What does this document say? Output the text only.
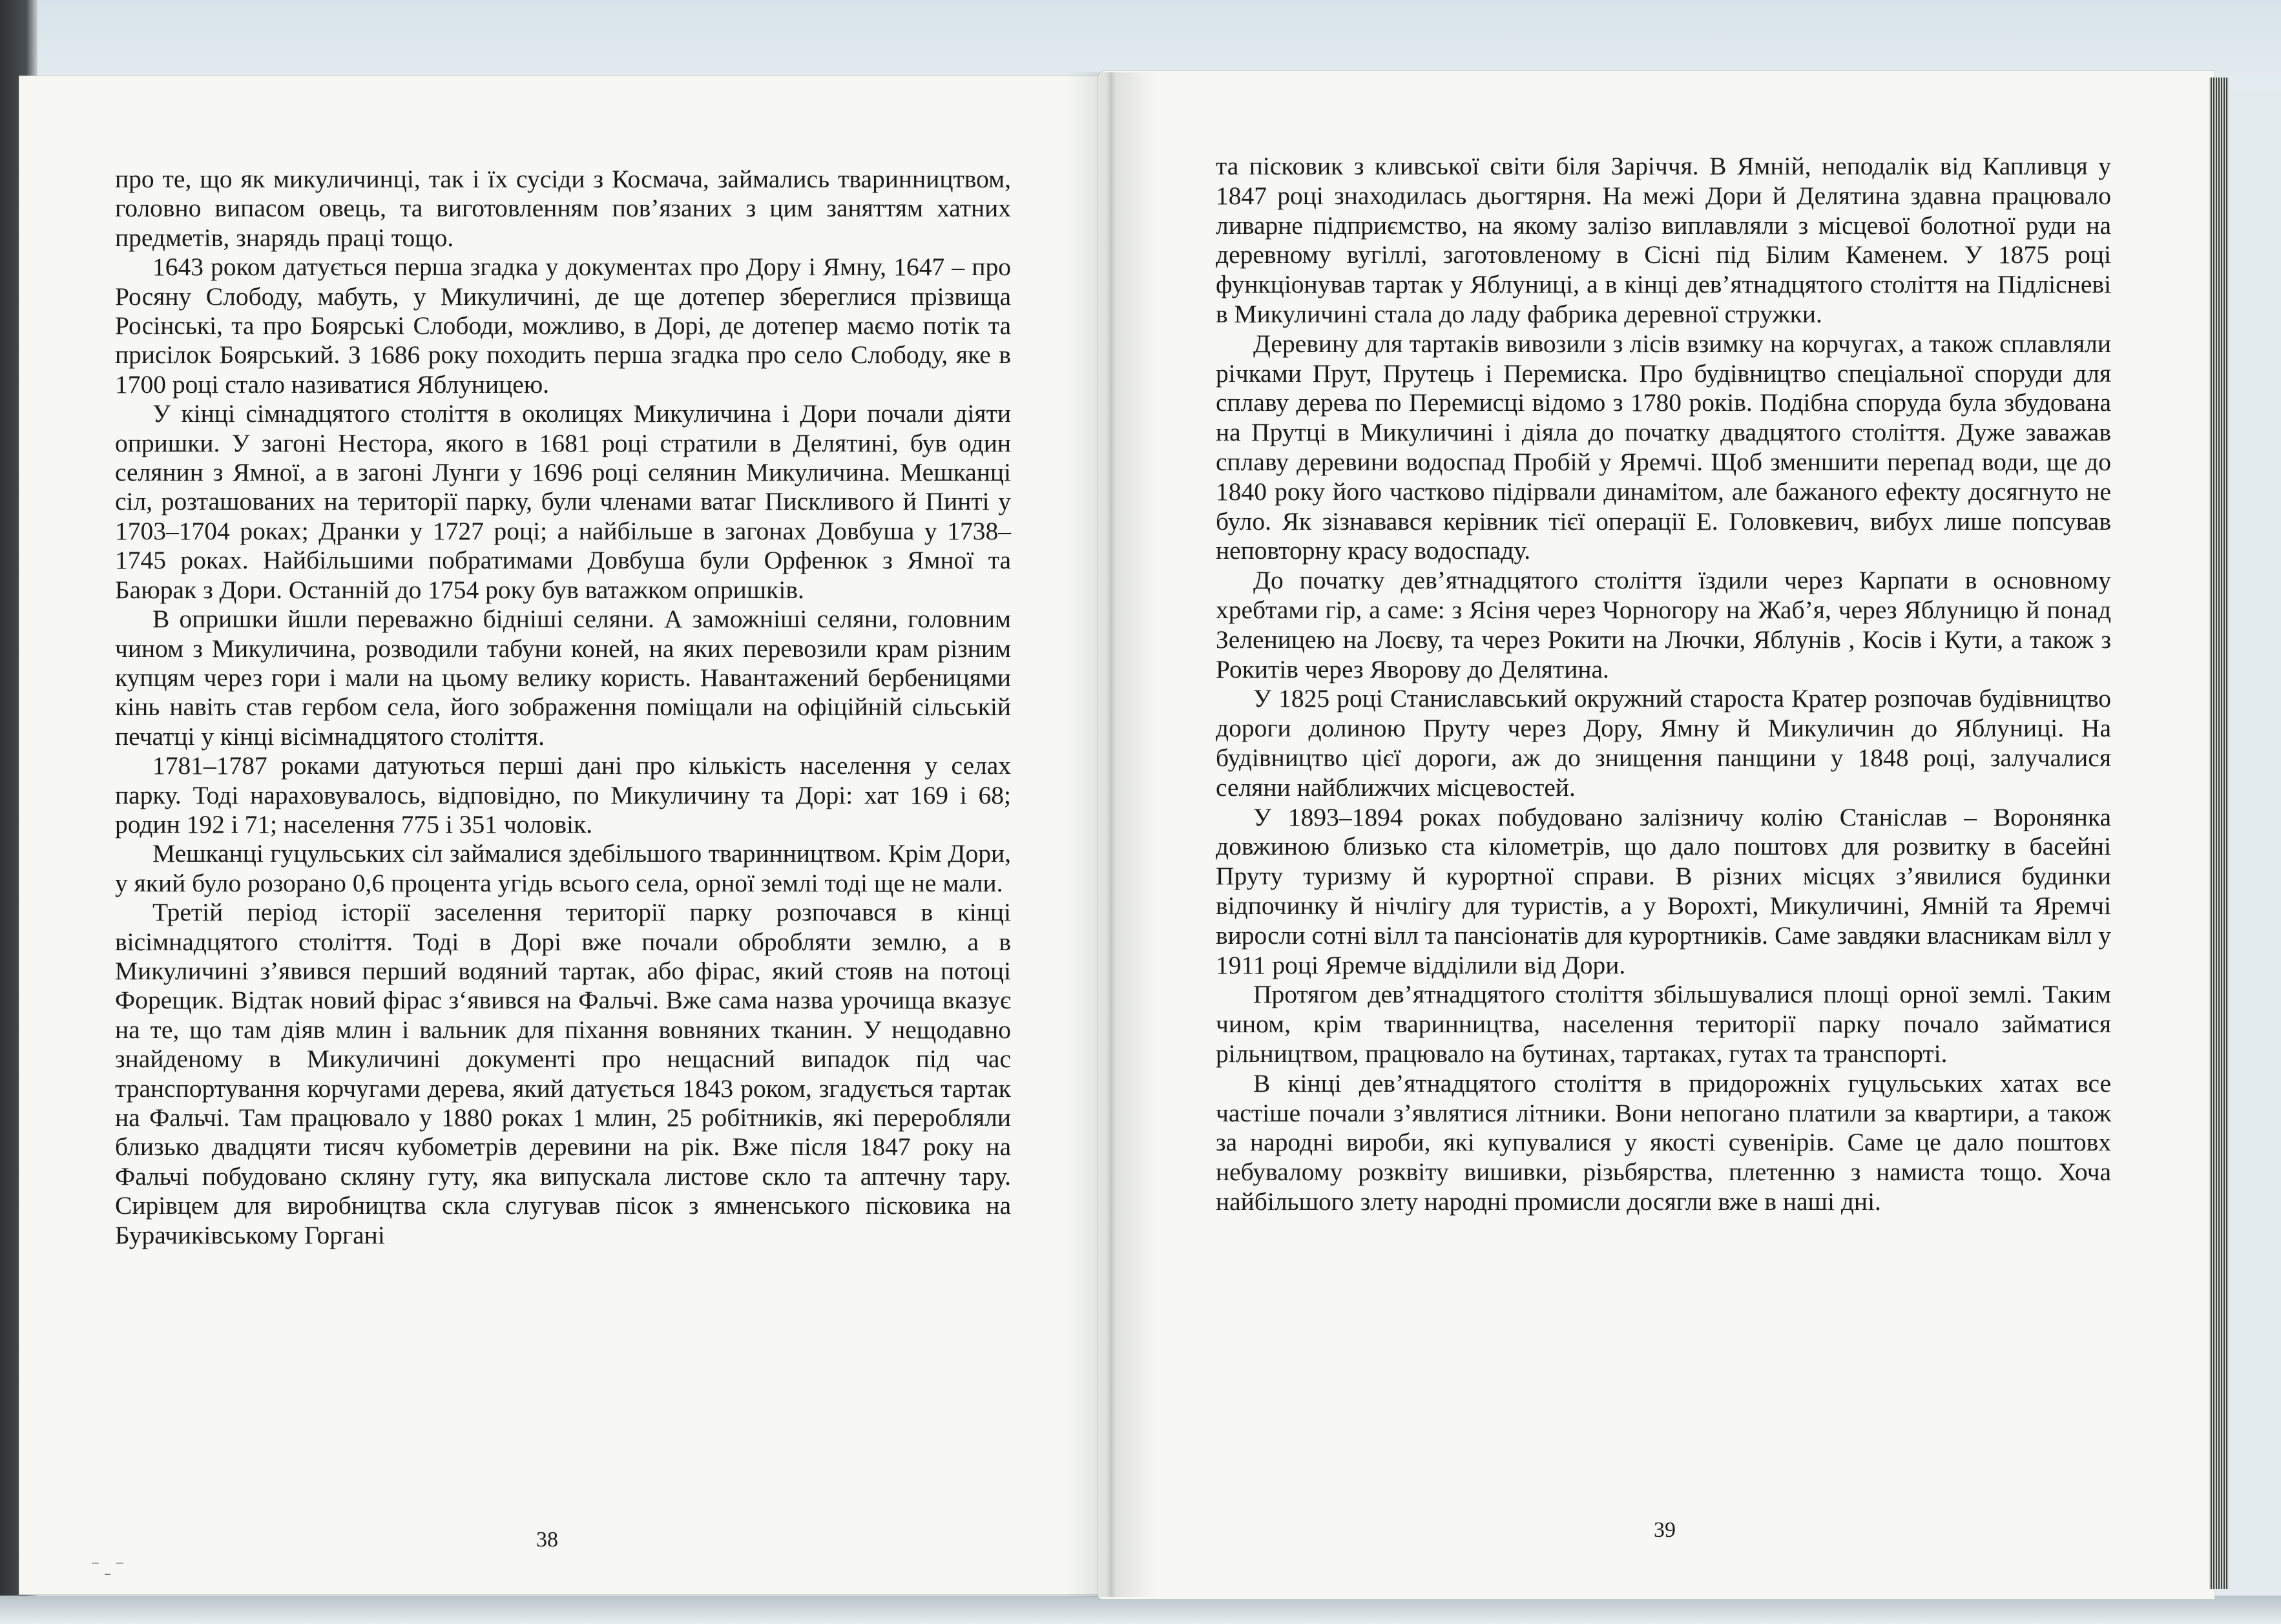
про те, що як микуличинці, так і їх сусіди з Космача, займались тваринництвом, головно випасом овець, та виготовленням пов’язаних з цим заняттям хатних предметів, знарядь праці тощо.

1643 роком датується перша згадка у документах про Дору і Ямну, 1647 – про Росяну Слободу, мабуть, у Микуличині, де ще дотепер збереглися прізвища Росінські, та про Боярські Слободи, можливо, в Дорі, де дотепер маємо потік та присілок Боярський. З 1686 року походить перша згадка про село Слободу, яке в 1700 році стало називатися Яблуницею.

У кінці сімнадцятого століття в околицях Микуличина і Дори почали діяти опришки. У загоні Нестора, якого в 1681 році стратили в Делятині, був один селянин з Ямної, а в загоні Лунги у 1696 році селянин Микуличина. Мешканці сіл, розташованих на території парку, були членами ватаг Пискливого й Пинті у 1703–1704 роках; Дранки у 1727 році; а найбільше в загонах Довбуша у 1738–1745 роках. Найбільшими побратимами Довбуша були Орфенюк з Ямної та Баюрак з Дори. Останній до 1754 року був ватажком опришків.

В опришки йшли переважно бідніші селяни. А заможніші селяни, головним чином з Микуличина, розводили табуни коней, на яких перевозили крам різним купцям через гори і мали на цьому велику користь. Навантажений бербеницями кінь навіть став гербом села, його зображення поміщали на офіційній сільській печатці у кінці вісімнадцятого століття.

1781–1787 роками датуються перші дані про кількість населення у селах парку. Тоді нараховувалось, відповідно, по Микуличину та Дорі: хат 169 і 68; родин 192 і 71; населення 775 і 351 чоловік.

Мешканці гуцульських сіл займалися здебільшого тваринництвом. Крім Дори, у який було розорано 0,6 процента угідь всього села, орної землі тоді ще не мали.

Третій період історії заселення території парку розпочався в кінці вісімнадцятого століття. Тоді в Дорі вже почали обробляти землю, а в Микуличині з’явився перший водяний тартак, або фірас, який стояв на потоці Форещик. Відтак новий фірас з‘явився на Фальчі. Вже сама назва урочища вказує на те, що там діяв млин і вальник для піхання вовняних тканин. У нещодавно знайденому в Микуличині документі про нещасний випадок під час транспортування корчугами дерева, який датується 1843 роком, згадується тартак на Фальчі. Там працювало у 1880 роках 1 млин, 25 робітників, які переробляли близько двадцяти тисяч кубометрів деревини на рік. Вже після 1847 року на Фальчі побудовано скляну гуту, яка випускала листове скло та аптечну тару. Сирівцем для виробництва скла слугував пісок з ямненського пісковика на Бурачиківському Горгані

та пісковик з кливської світи біля Заріччя. В Ямній, неподалік від Капливця у 1847 році знаходилась дьогтярня. На межі Дори й Делятина здавна працювало ливарне підприємство, на якому залізо виплавляли з місцевої болотної руди на деревному вугіллі, заготовленому в Сісні під Білим Каменем. У 1875 році функціонував тартак у Яблуниці, а в кінці дев’ятнадцятого століття на Підлісневі в Микуличині стала до ладу фабрика деревної стружки.

Деревину для тартаків вивозили з лісів взимку на корчугах, а також сплавляли річками Прут, Прутець і Перемиска. Про будівництво спеціальної споруди для сплаву дерева по Перемисці відомо з 1780 років. Подібна споруда була збудована на Прутці в Микуличині і діяла до початку двадцятого століття. Дуже заважав сплаву деревини водоспад Пробій у Яремчі. Щоб зменшити перепад води, ще до 1840 року його частково підірвали динамітом, але бажаного ефекту досягнуто не було. Як зізнавався керівник тієї операції Е. Головкевич, вибух лише попсував неповторну красу водоспаду.

До початку дев’ятнадцятого століття їздили через Карпати в основному хребтами гір, а саме: з Ясіня через Чорногору на Жаб’я, через Яблуницю й понад Зеленицею на Лоєву, та через Рокити на Лючки, Яблунів , Косів і Кути, а також з Рокитів через Яворову до Делятина.

У 1825 році Станиславський окружний староста Кратер розпочав будівництво дороги долиною Пруту через Дору, Ямну й Микуличин до Яблуниці. На будівництво цієї дороги, аж до знищення панщини у 1848 році, залучалися селяни найближчих місцевостей.

У 1893–1894 роках побудовано залізничу колію Станіслав – Воронянка довжиною близько ста кілометрів, що дало поштовх для розвитку в басейні Пруту туризму й курортної справи. В різних місцях з’явилися будинки відпочинку й нічлігу для туристів, а у Ворохті, Микуличині, Ямній та Яремчі виросли сотні вілл та пансіонатів для курортників. Саме завдяки власникам вілл у 1911 році Яремче відділили від Дори.

Протягом дев’ятнадцятого століття збільшувалися площі орної землі. Таким чином, крім тваринництва, населення території парку почало займатися рільництвом, працювало на бутинах, тартаках, гутах та транспорті.

В кінці дев’ятнадцятого століття в придорожніх гуцульських хатах все частіше почали з’являтися літники. Вони непогано платили за квартири, а також за народні вироби, які купувалися у якості сувенірів. Саме це дало поштовх небувалому розквіту вишивки, різьбярства, плетенню з намиста тощо. Хоча найбільшого злету народні промисли досягли вже в наші дні.

38	39
⁻ ˍ ⁻
